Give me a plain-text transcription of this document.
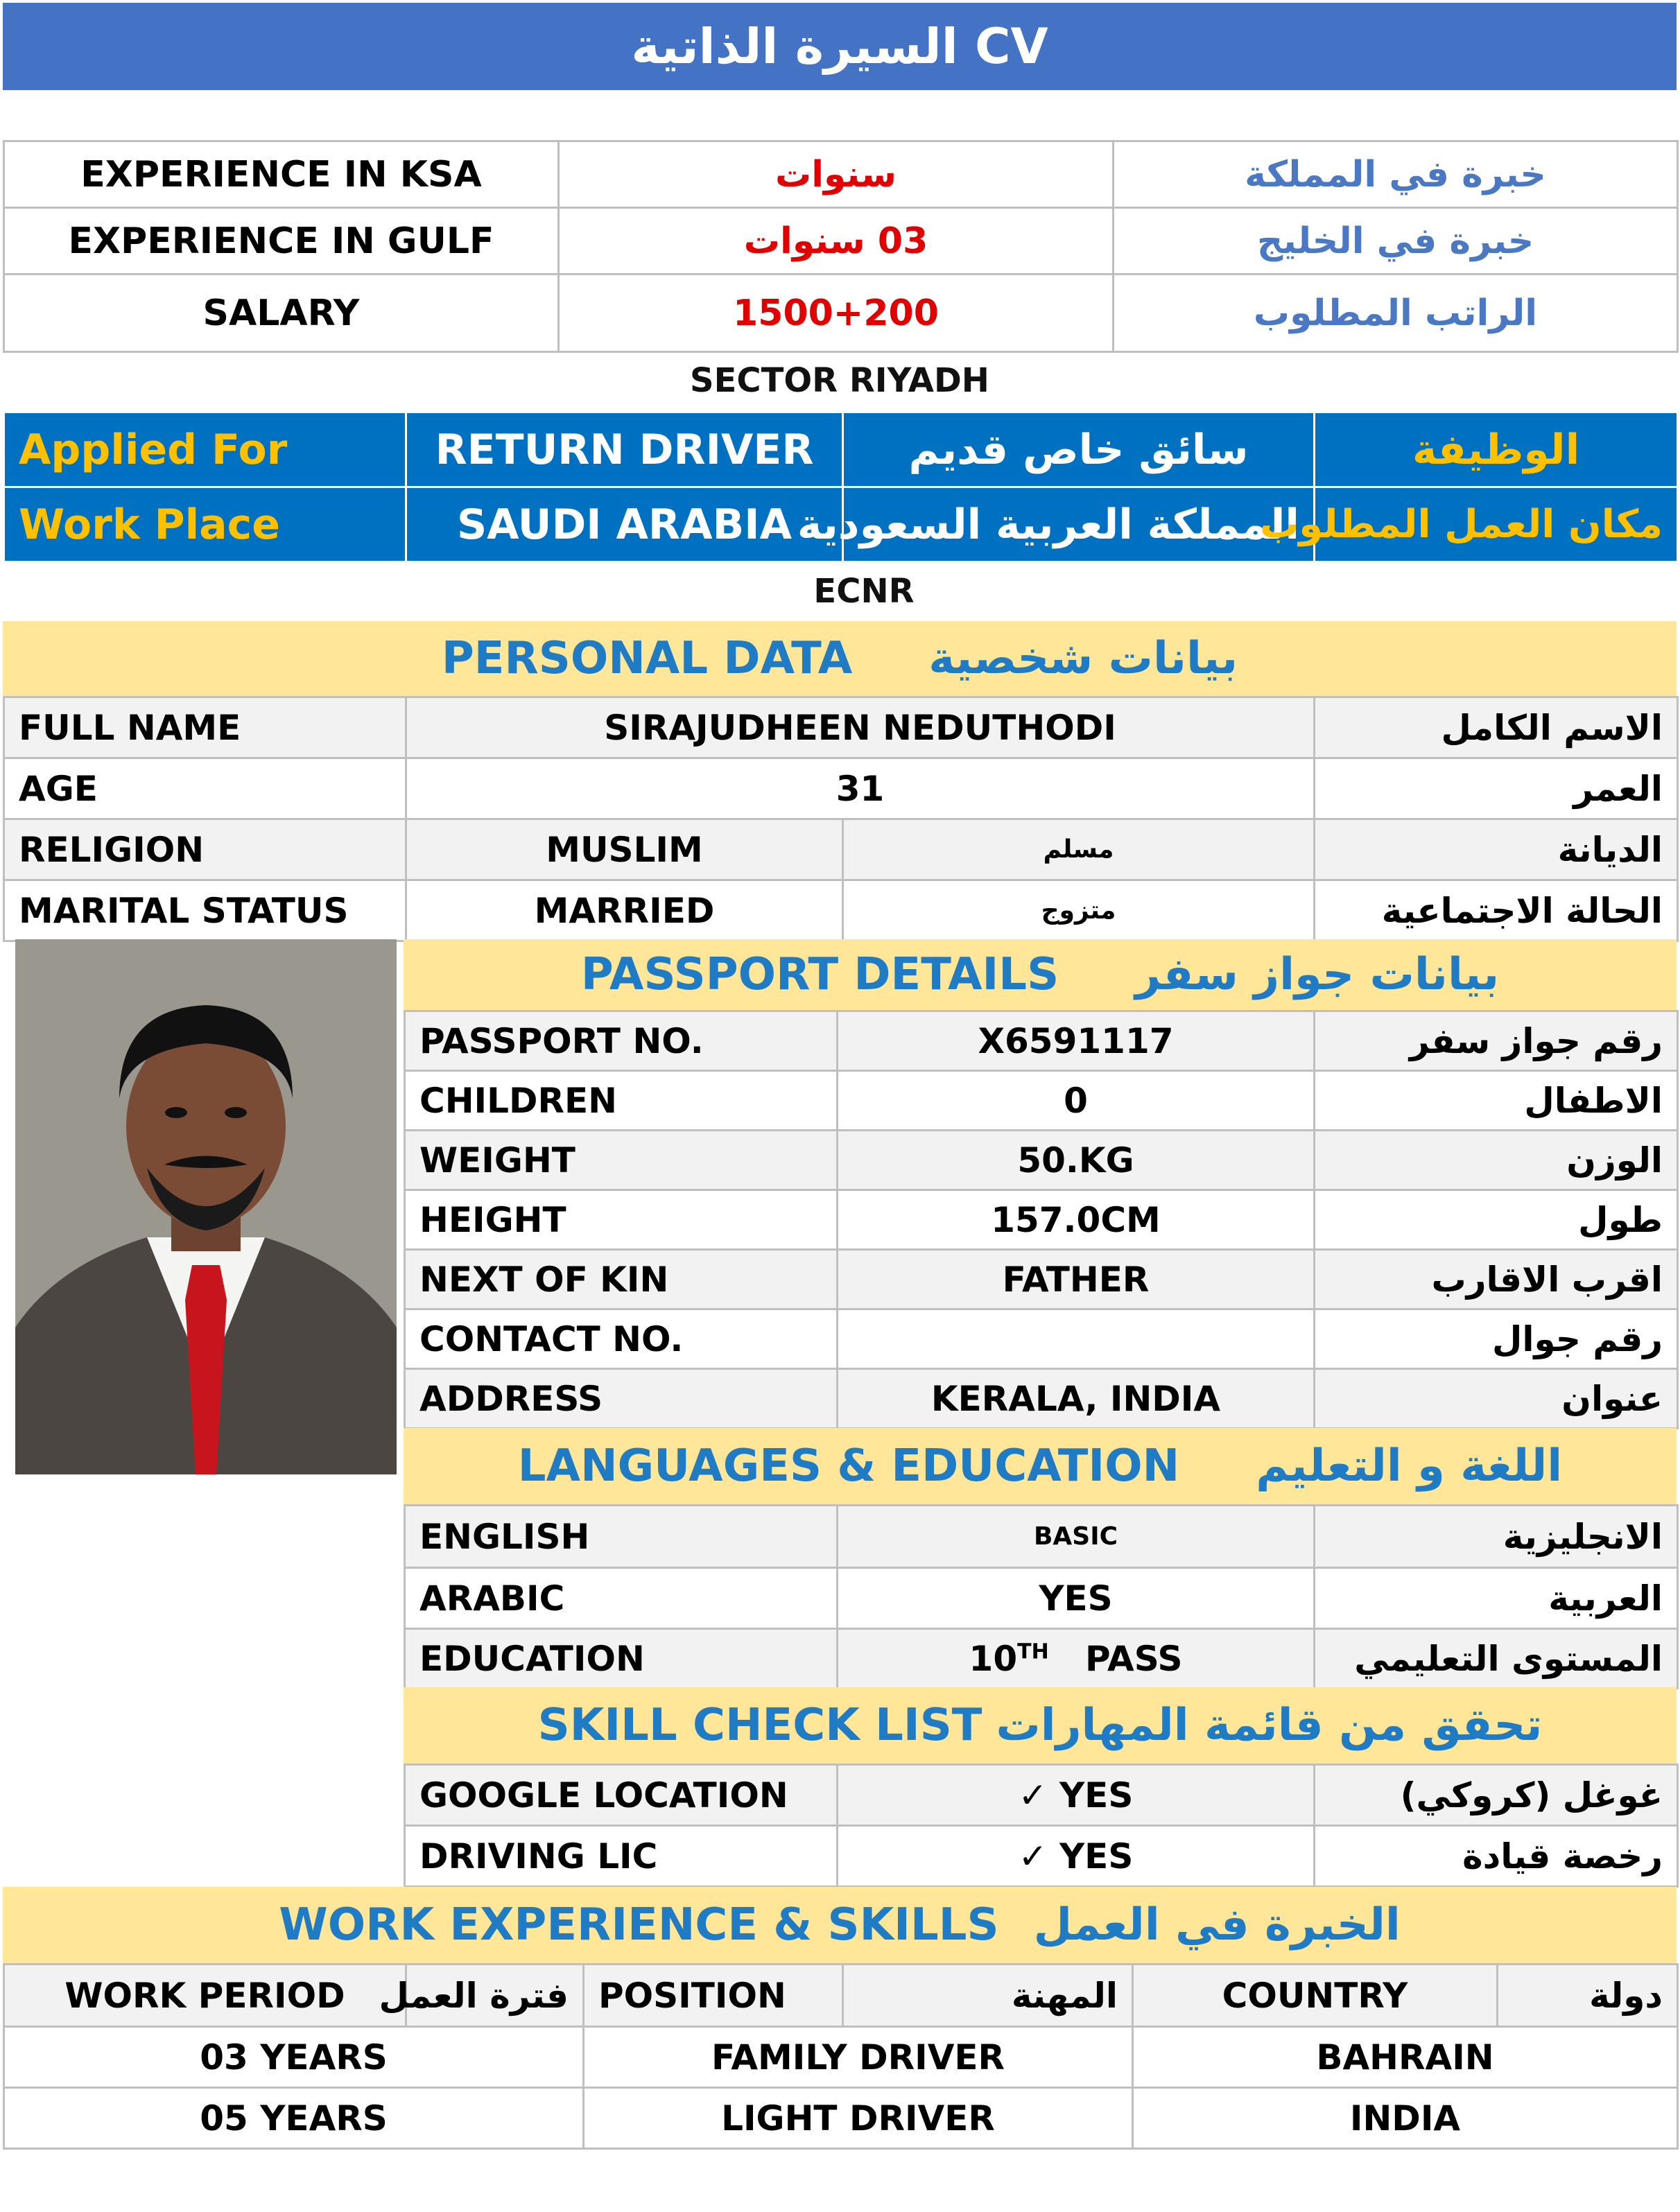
السيرة الذاتية CV
EXPERIENCE IN KSA	سنوات	خبرة في المملكة
EXPERIENCE IN GULF	03 سنوات	خبرة في الخليج
SALARY	1500+200	الراتب المطلوب
SECTOR RIYADH
Applied For	RETURN DRIVER	سائق خاص قديم	الوظيفة
Work Place	SAUDI ARABIA	المملكة العربية السعودية	مكان العمل المطلوب
ECNR
PERSONAL DATA بيانات شخصية
FULL NAME	SIRAJUDHEEN NEDUTHODI		الاسم الكامل
AGE	31		العمر
RELIGION	MUSLIM	مسلم	الديانة
MARITAL STATUS	MARRIED	متزوج	الحالة الاجتماعية
PASSPORT DETAILS بيانات جواز سفر
PASSPORT NO.	X6591117	رقم جواز سفر
CHILDREN	0	الاطفال
WEIGHT	50.KG	الوزن
HEIGHT	157.0CM	طول
NEXT OF KIN	FATHER	اقرب الاقارب
CONTACT NO.		رقم جوال
ADDRESS	KERALA, INDIA	عنوان
LANGUAGES & EDUCATION اللغة و التعليم
ENGLISH	BASIC	الانجليزية
ARABIC	YES	العربية
EDUCATION	10TH PASS	المستوى التعليمي
SKILL CHECK LIST تحقق من قائمة المهارات
GOOGLE LOCATION	✓ YES	غوغل (كروكي)
DRIVING LIC	✓ YES	رخصة قيادة
WORK EXPERIENCE & SKILLS الخبرة في العمل
WORK PERIOD	فترة العمل	POSITION	المهنة	COUNTRY	دولة
03 YEARS		FAMILY DRIVER		BAHRAIN	
05 YEARS		LIGHT DRIVER		INDIA	
